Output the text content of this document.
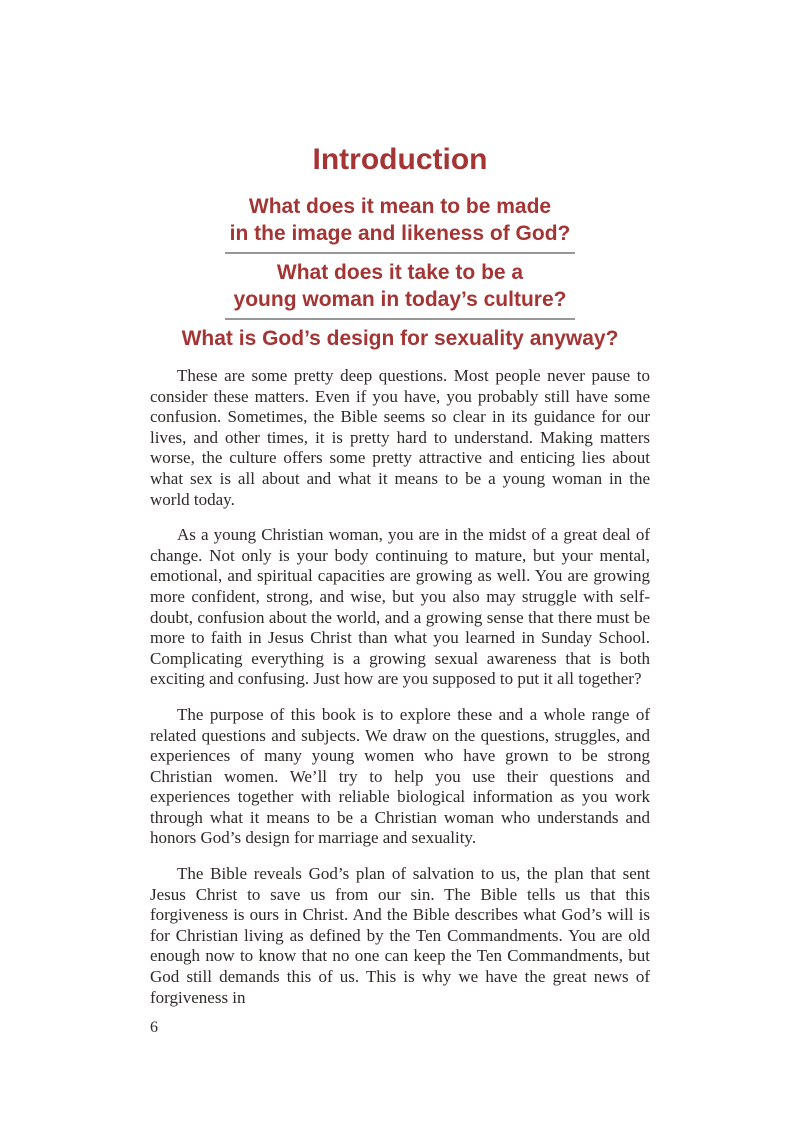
Introduction
What does it mean to be made
in the image and likeness of God?
What does it take to be a
young woman in today’s culture?
What is God’s design for sexuality anyway?

These are some pretty deep questions. Most people never pause to consider these matters. Even if you have, you probably still have some confusion. Sometimes, the Bible seems so clear in its guidance for our lives, and other times, it is pretty hard to understand. Making matters worse, the culture offers some pretty attractive and enticing lies about what sex is all about and what it means to be a young woman in the world today.

As a young Christian woman, you are in the midst of a great deal of change. Not only is your body continuing to mature, but your mental, emotional, and spiritual capacities are growing as well. You are growing more confident, strong, and wise, but you also may struggle with self-doubt, confusion about the world, and a growing sense that there must be more to faith in Jesus Christ than what you learned in Sunday School. Complicating everything is a growing sexual awareness that is both exciting and confusing. Just how are you supposed to put it all together?

The purpose of this book is to explore these and a whole range of related questions and subjects. We draw on the questions, struggles, and experiences of many young women who have grown to be strong Christian women. We’ll try to help you use their questions and experiences together with reliable biological information as you work through what it means to be a Christian woman who understands and honors God’s design for marriage and sexuality.

The Bible reveals God’s plan of salvation to us, the plan that sent Jesus Christ to save us from our sin. The Bible tells us that this forgiveness is ours in Christ. And the Bible describes what God’s will is for Christian living as defined by the Ten Commandments. You are old enough now to know that no one can keep the Ten Commandments, but God still demands this of us. This is why we have the great news of forgiveness in

6
